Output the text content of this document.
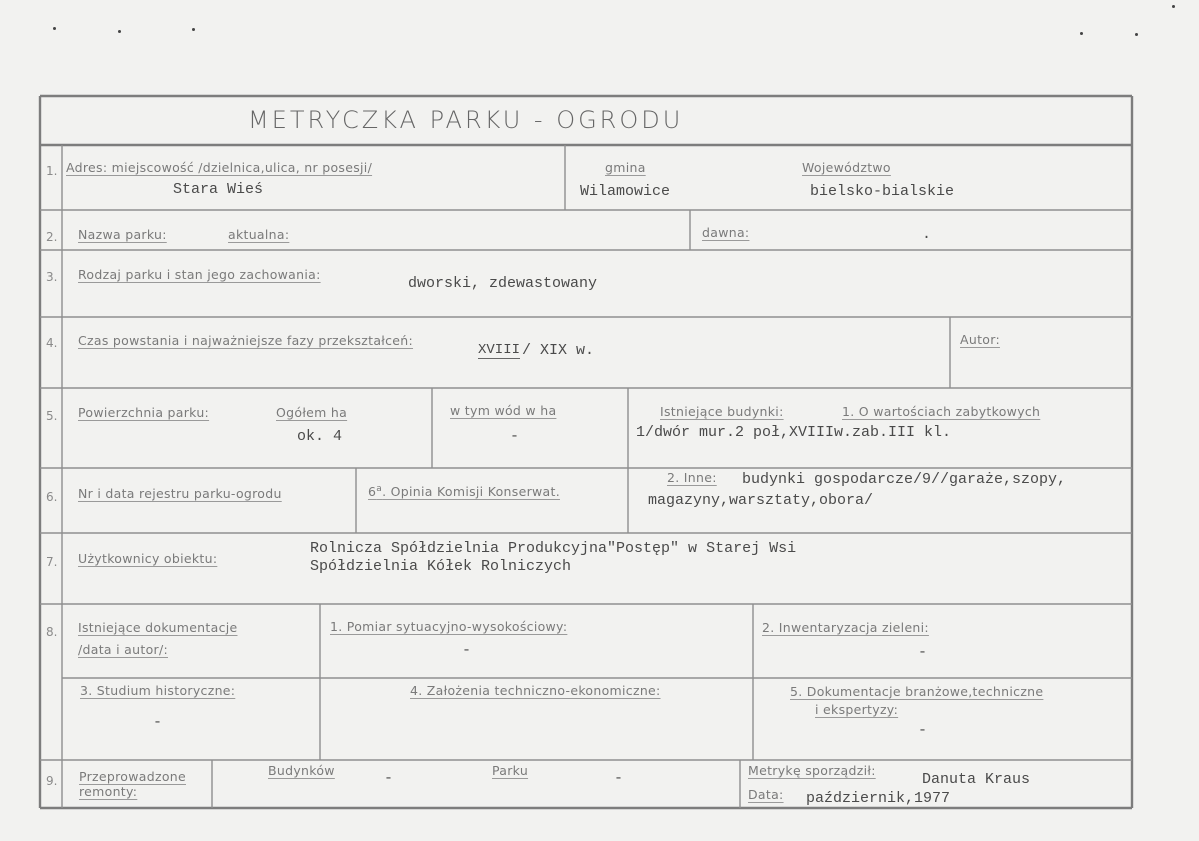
METRYCZKA PARKU - OGRODU
1. Adres: miejscowość /dzielnica,ulica, nr posesji/
Stara Wieś
gmina
Wilamowice
Województwo
bielsko-bialskie
2. Nazwa parku:	aktualna:	dawna:	.
3. Rodzaj parku i stan jego zachowania:
dworski, zdewastowany
4. Czas powstania i najważniejsze fazy przekształceń:
XVIII / XIX w.
Autor:
5. Powierzchnia parku:	Ogółem ha
ok. 4
w tym wód w ha
-
Istniejące budynki:	1. O wartościach zabytkowych
1/dwór mur.2 poł,XVIIIw.zab.III kl.
6. Nr i data rejestru parku-ogrodu	6$^a$. Opinia Komisji Konserwat.
2. Inne: budynki gospodarcze/9//garaże,szopy,
magazyny,warsztaty,obora/
7. Użytkownicy obiektu:
Rolnicza Spółdzielnia Produkcyjna"Postęp" w Starej Wsi
Spółdzielnia Kółek Rolniczych
8. Istniejące dokumentacje
/data i autor/:
1. Pomiar sytuacyjno-wysokościowy:
-
2. Inwentaryzacja zieleni:
-
3. Studium historyczne:
-
4. Założenia techniczno-ekonomiczne:	5. Dokumentacje branżowe,techniczne
i ekspertyzy:
-
9. Przeprowadzone
remonty:
Budynków	-	Parku	-	Metrykę sporządził:
Danuta Kraus
Data: październik,1977
